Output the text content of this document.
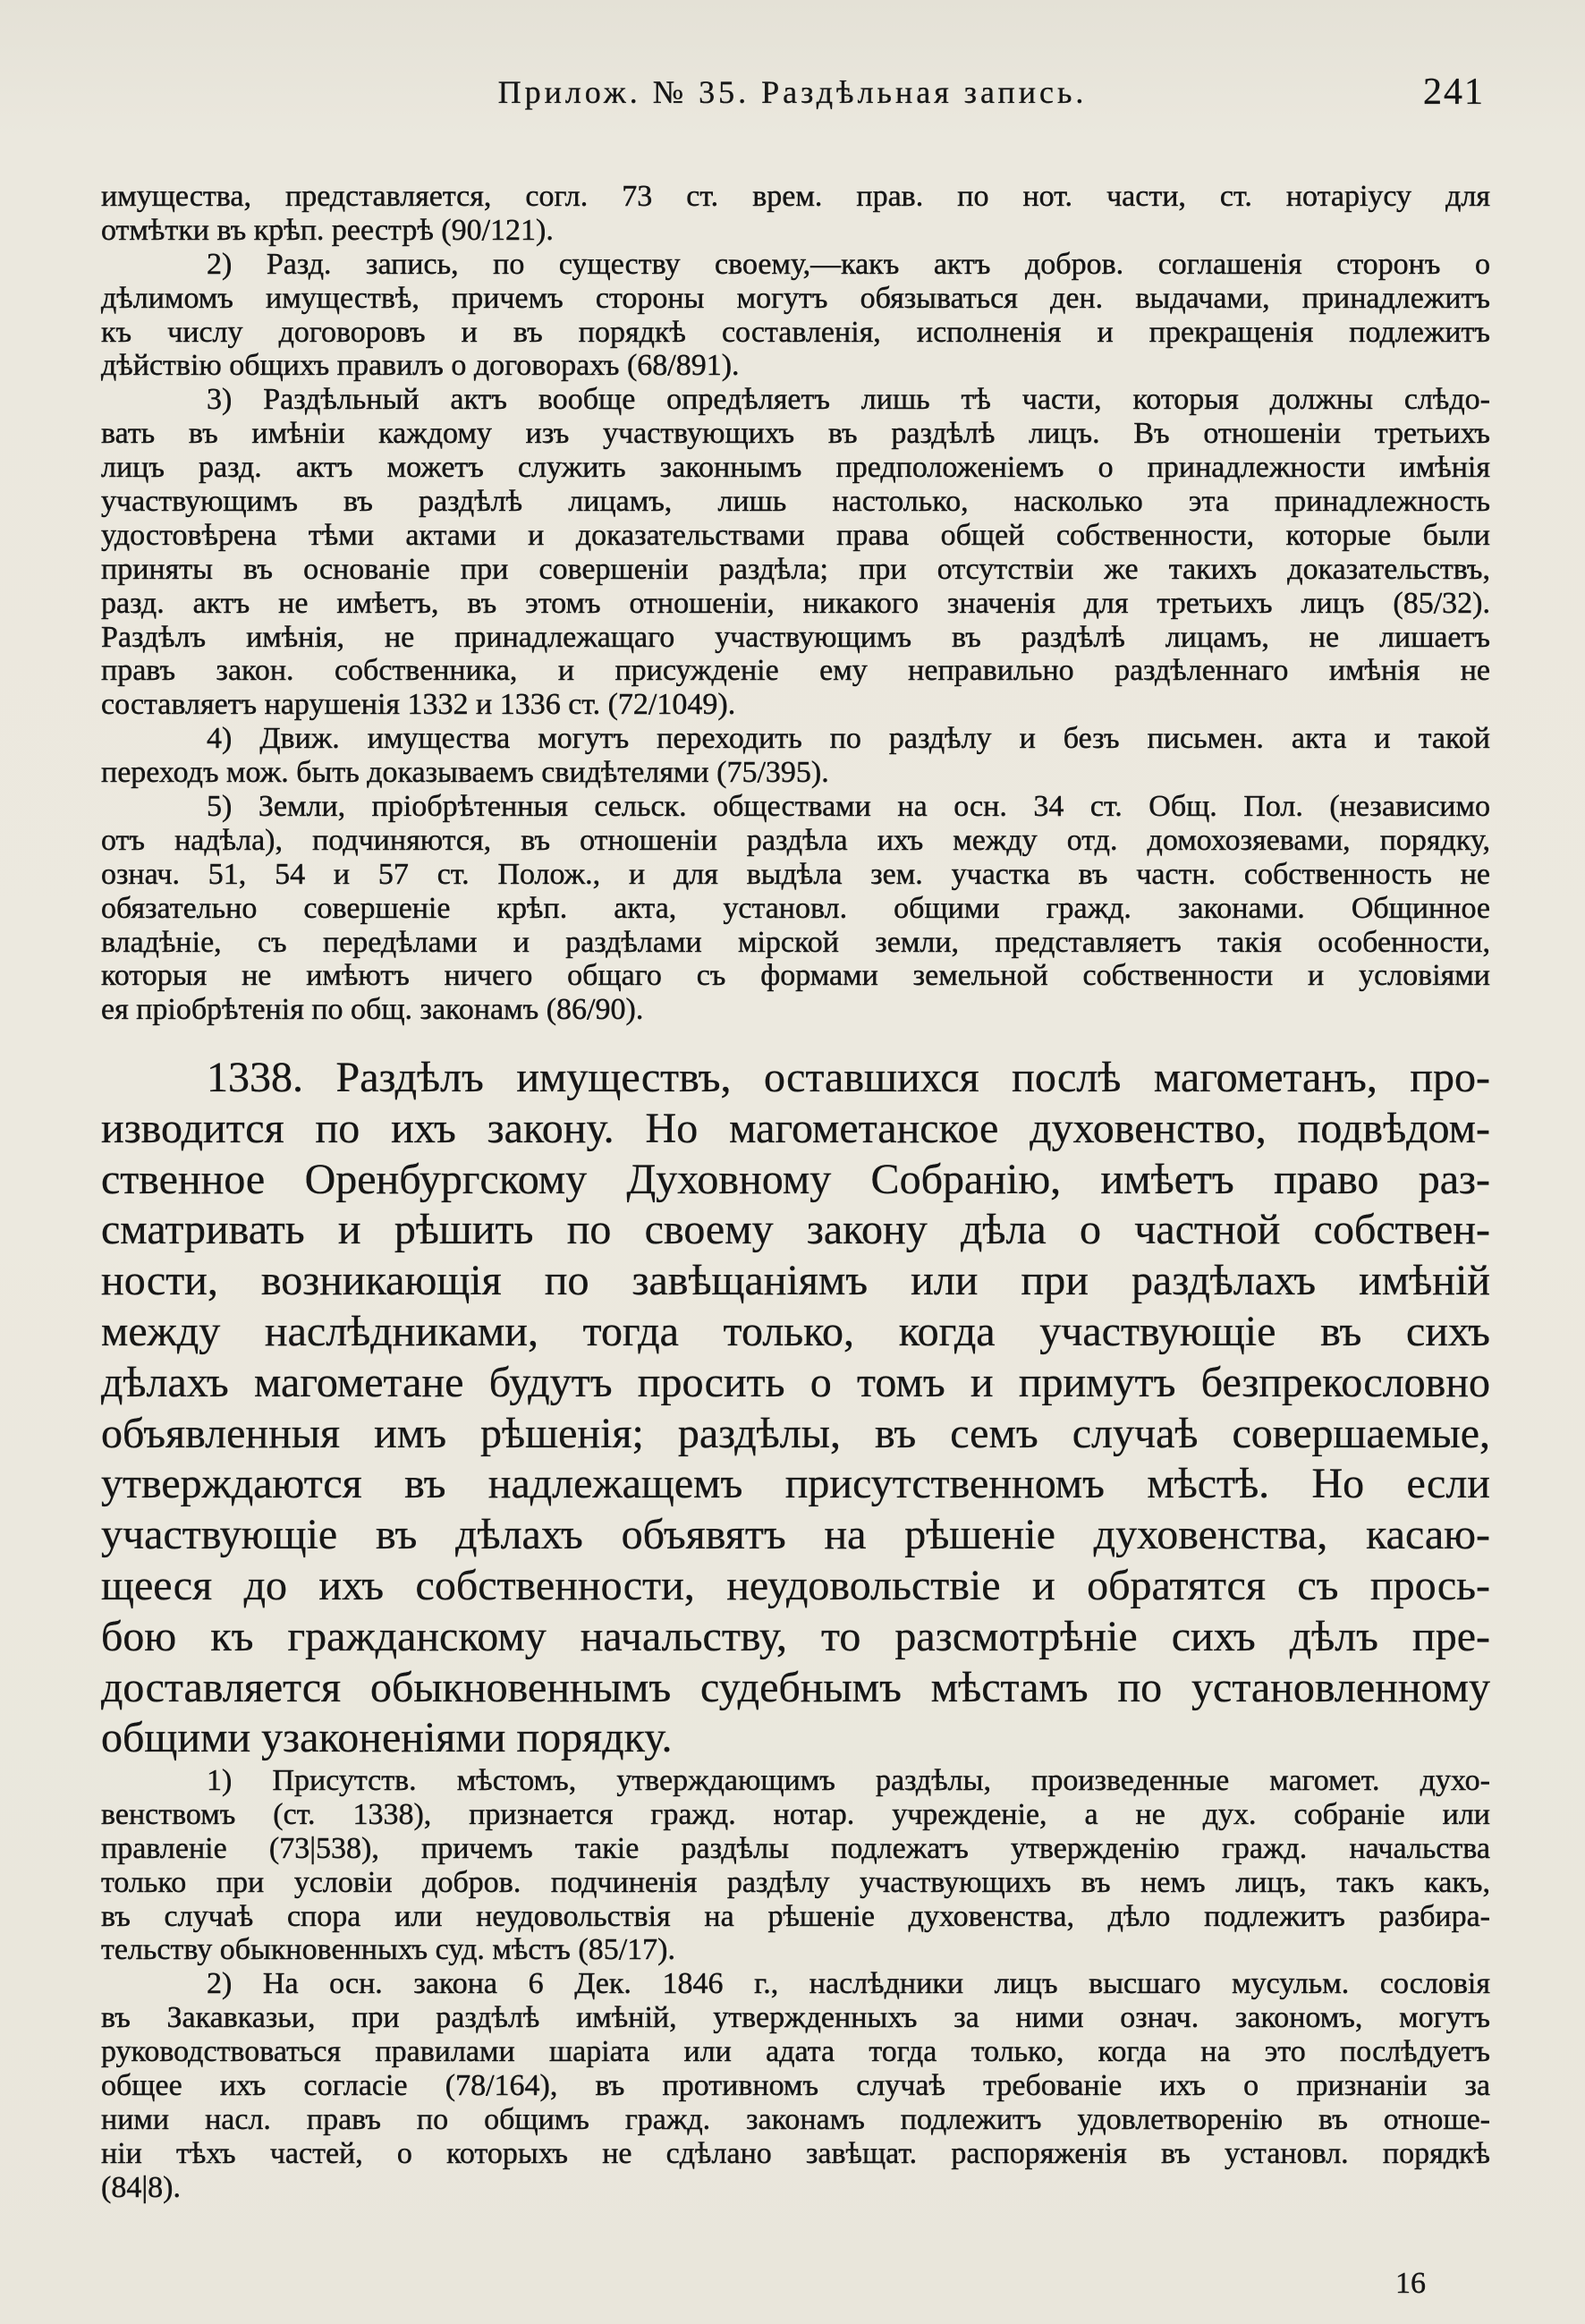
Прилож. № 35. Раздѣльная запись.	241
имущества, представляется, согл. 73 ст. врем. прав. по нот. части, ст. нотаріусу для
отмѣтки въ крѣп. реестрѣ (90/121).
2) Разд. запись, по существу своему,—какъ актъ добров. соглашенія сторонъ о
дѣлимомъ имуществѣ, причемъ стороны могутъ обязываться ден. выдачами, принадлежитъ
къ числу договоровъ и въ порядкѣ составленія, исполненія и прекращенія подлежитъ
дѣйствію общихъ правилъ о договорахъ (68/891).
3) Раздѣльный актъ вообще опредѣляетъ лишь тѣ части, которыя должны слѣдо-
вать въ имѣніи каждому изъ участвующихъ въ раздѣлѣ лицъ. Въ отношеніи третьихъ
лицъ разд. актъ можетъ служить законнымъ предположеніемъ о принадлежности имѣнія
участвующимъ въ раздѣлѣ лицамъ, лишь настолько, насколько эта принадлежность
удостовѣрена тѣми актами и доказательствами права общей собственности, которые были
приняты въ основаніе при совершеніи раздѣла; при отсутствіи же такихъ доказательствъ,
разд. актъ не имѣетъ, въ этомъ отношеніи, никакого значенія для третьихъ лицъ (85/32).
Раздѣлъ имѣнія, не принадлежащаго участвующимъ въ раздѣлѣ лицамъ, не лишаетъ
правъ закон. собственника, и присужденіе ему неправильно раздѣленнаго имѣнія не
составляетъ нарушенія 1332 и 1336 ст. (72/1049).
4) Движ. имущества могутъ переходить по раздѣлу и безъ письмен. акта и такой
переходъ мож. быть доказываемъ свидѣтелями (75/395).
5) Земли, пріобрѣтенныя сельск. обществами на осн. 34 ст. Общ. Пол. (независимо
отъ надѣла), подчиняются, въ отношеніи раздѣла ихъ между отд. домохозяевами, порядку,
означ. 51, 54 и 57 ст. Полож., и для выдѣла зем. участка въ частн. собственность не
обязательно совершеніе крѣп. акта, установл. общими гражд. законами. Общинное
владѣніе, съ передѣлами и раздѣлами мірской земли, представляетъ такія особенности,
которыя не имѣютъ ничего общаго съ формами земельной собственности и условіями
ея пріобрѣтенія по общ. законамъ (86/90).
1338. Раздѣлъ имуществъ, оставшихся послѣ магометанъ, про-
изводится по ихъ закону. Но магометанское духовенство, подвѣдом-
ственное Оренбургскому Духовному Собранію, имѣетъ право раз-
сматривать и рѣшить по своему закону дѣла о частной собствен-
ности, возникающія по завѣщаніямъ или при раздѣлахъ имѣній
между наслѣдниками, тогда только, когда участвующіе въ сихъ
дѣлахъ магометане будутъ просить о томъ и примутъ безпрекословно
объявленныя имъ рѣшенія; раздѣлы, въ семъ случаѣ совершаемые,
утверждаются въ надлежащемъ присутственномъ мѣстѣ. Но если
участвующіе въ дѣлахъ объявятъ на рѣшеніе духовенства, касаю-
щееся до ихъ собственности, неудовольствіе и обратятся съ прось-
бою къ гражданскому начальству, то разсмотрѣніе сихъ дѣлъ пре-
доставляется обыкновеннымъ судебнымъ мѣстамъ по установленному
общими узаконеніями порядку.
1) Присутств. мѣстомъ, утверждающимъ раздѣлы, произведенные магомет. духо-
венствомъ (ст. 1338), признается гражд. нотар. учрежденіе, а не дух. собраніе или
правленіе (73|538), причемъ такіе раздѣлы подлежатъ утвержденію гражд. начальства
только при условіи добров. подчиненія раздѣлу участвующихъ въ немъ лицъ, такъ какъ,
въ случаѣ спора или неудовольствія на рѣшеніе духовенства, дѣло подлежитъ разбира-
тельству обыкновенныхъ суд. мѣстъ (85/17).
2) На осн. закона 6 Дек. 1846 г., наслѣдники лицъ высшаго мусульм. сословія
въ Закавказьи, при раздѣлѣ имѣній, утвержденныхъ за ними означ. закономъ, могутъ
руководствоваться правилами шаріата или адата тогда только, когда на это послѣдуетъ
общее ихъ согласіе (78/164), въ противномъ случаѣ требованіе ихъ о признаніи за
ними насл. правъ по общимъ гражд. законамъ подлежитъ удовлетворенію въ отноше-
ніи тѣхъ частей, о которыхъ не сдѣлано завѣщат. распоряженія въ установл. порядкѣ
(84|8).
16
